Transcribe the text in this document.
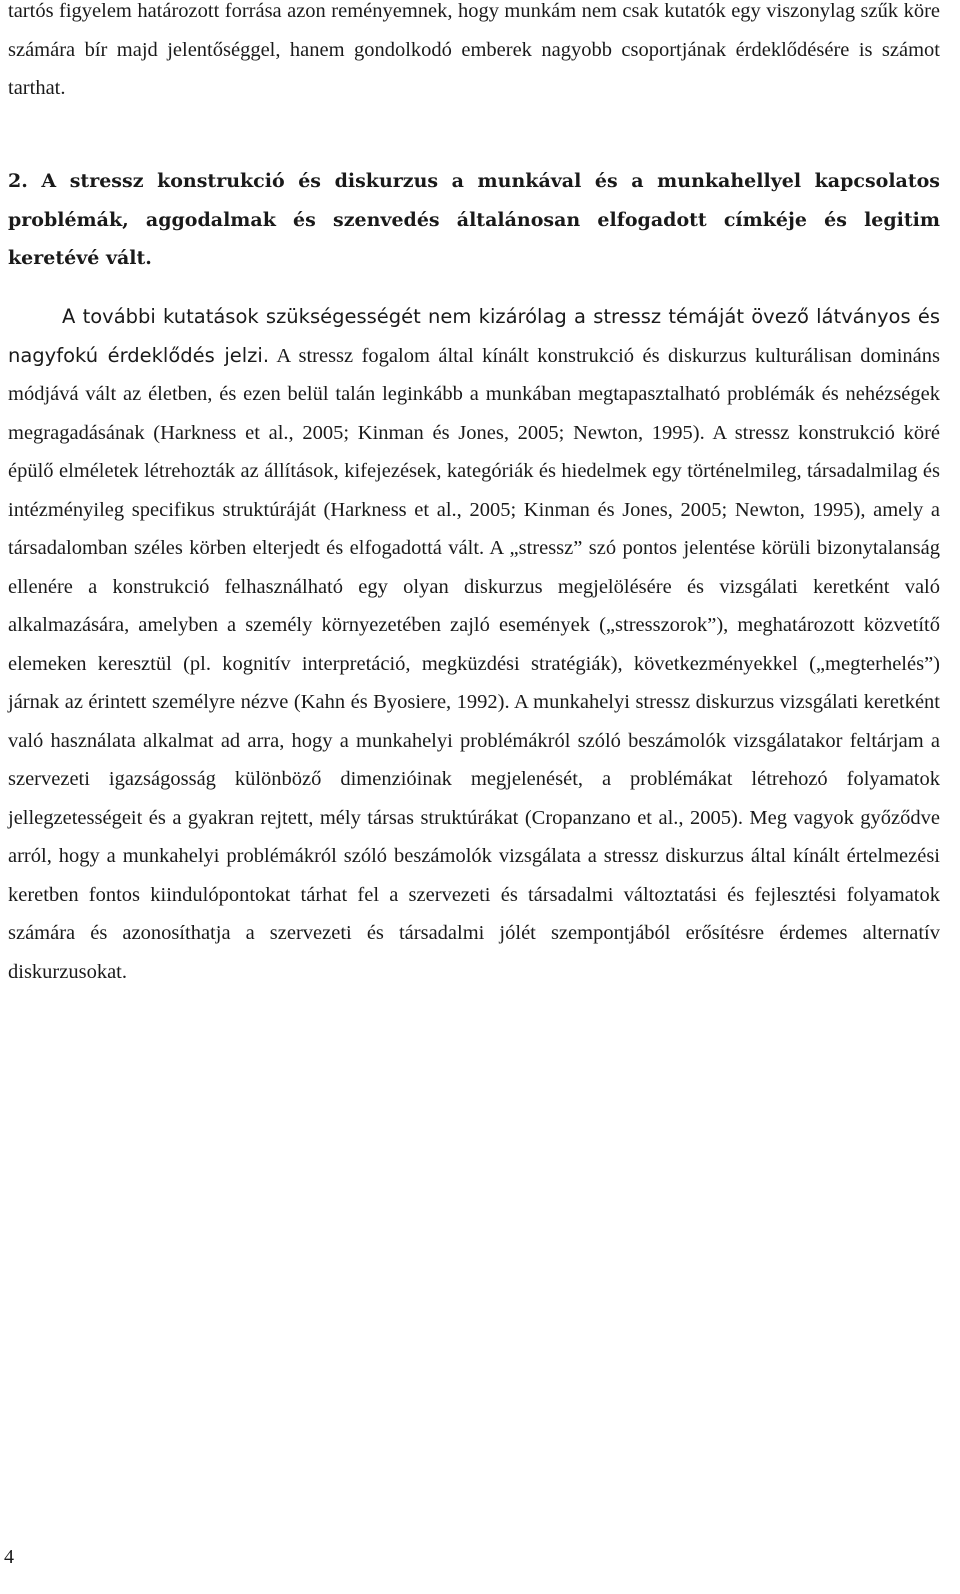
tartós figyelem határozott forrása azon reményemnek, hogy munkám nem csak kutatók egy viszonylag szűk köre számára bír majd jelentőséggel, hanem gondolkodó emberek nagyobb csoportjának érdeklődésére is számot tarthat.

2. A stressz konstrukció és diskurzus a munkával és a munkahellyel kapcsolatos problémák, aggodalmak és szenvedés általánosan elfogadott címkéje és legitim keretévé vált.

A további kutatások szükségességét nem kizárólag a stressz témáját övező látványos és nagyfokú érdeklődés jelzi. A stressz fogalom által kínált konstrukció és diskurzus kulturálisan domináns módjává vált az életben, és ezen belül talán leginkább a munkában megtapasztalható problémák és nehézségek megragadásának (Harkness et al., 2005; Kinman és Jones, 2005; Newton, 1995). A stressz konstrukció köré épülő elméletek létrehozták az állítások, kifejezések, kategóriák és hiedelmek egy történelmileg, társadalmilag és intézményileg specifikus struktúráját (Harkness et al., 2005; Kinman és Jones, 2005; Newton, 1995), amely a társadalomban széles körben elterjedt és elfogadottá vált. A „stressz” szó pontos jelentése körüli bizonytalanság ellenére a konstrukció felhasználható egy olyan diskurzus megjelölésére és vizsgálati keretként való alkalmazására, amelyben a személy környezetében zajló események („stresszorok”), meghatározott közvetítő elemeken keresztül (pl. kognitív interpretáció, megküzdési stratégiák), következményekkel („megterhelés”) járnak az érintett személyre nézve (Kahn és Byosiere, 1992). A munkahelyi stressz diskurzus vizsgálati keretként való használata alkalmat ad arra, hogy a munkahelyi problémákról szóló beszámolók vizsgálatakor feltárjam a szervezeti igazságosság különböző dimenzióinak megjelenését, a problémákat létrehozó folyamatok jellegzetességeit és a gyakran rejtett, mély társas struktúrákat (Cropanzano et al., 2005). Meg vagyok győződve arról, hogy a munkahelyi problémákról szóló beszámolók vizsgálata a stressz diskurzus által kínált értelmezési keretben fontos kiindulópontokat tárhat fel a szervezeti és társadalmi változtatási és fejlesztési folyamatok számára és azonosíthatja a szervezeti és társadalmi jólét szempontjából erősítésre érdemes alternatív diskurzusokat.

4
